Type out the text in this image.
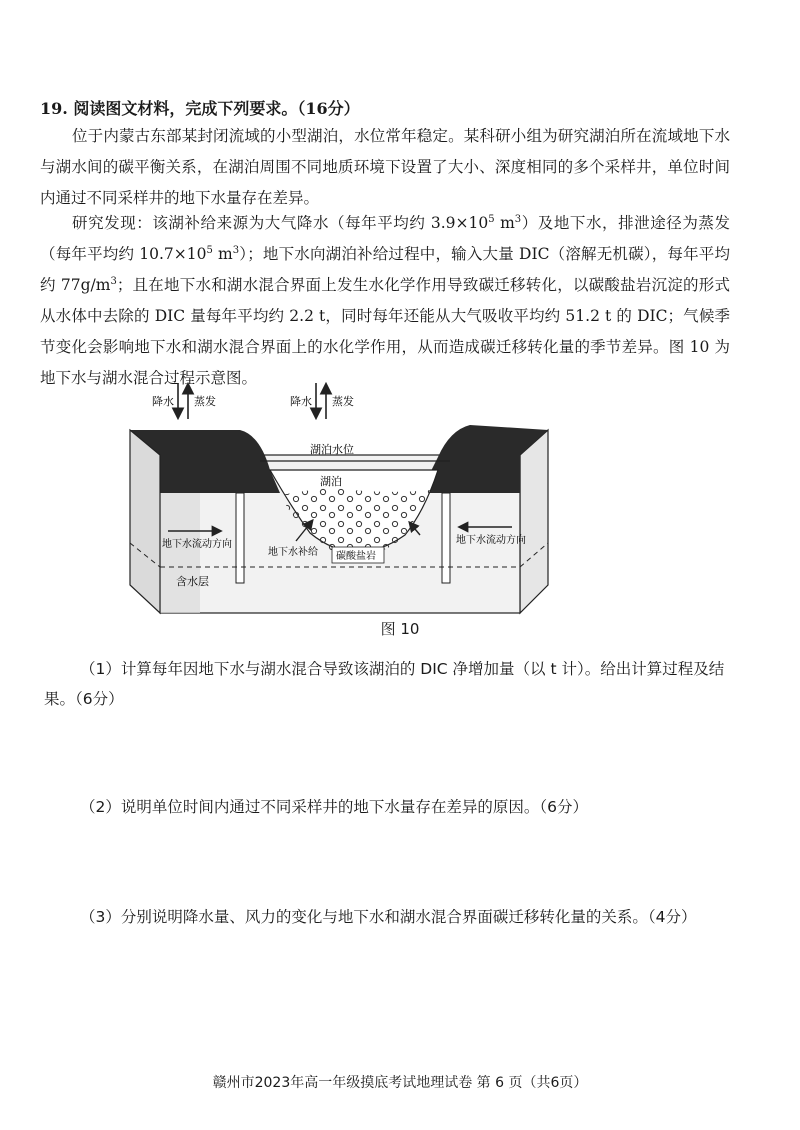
19. 阅读图文材料，完成下列要求。（16分）

位于内蒙古东部某封闭流域的小型湖泊，水位常年稳定。某科研小组为研究湖泊所在流域地下水与湖水间的碳平衡关系，在湖泊周围不同地质环境下设置了大小、深度相同的多个采样井，单位时间内通过不同采样井的地下水量存在差异。

研究发现：该湖补给来源为大气降水（每年平均约 $3.9\times 10^5$ $m^3$）及地下水，排泄途径为蒸发（每年平均约 $10.7\times 10^5$ $m^3$）；地下水向湖泊补给过程中，输入大量 DIC（溶解无机碳），每年平均约 $77g/m^3$；且在地下水和湖水混合界面上发生水化学作用导致碳迁移转化，以碳酸盐岩沉淀的形式从水体中去除的 DIC 量每年平均约 2.2 t，同时每年还能从大气吸收平均约 51.2 t 的 DIC；气候季节变化会影响地下水和湖水混合界面上的水化学作用，从而造成碳迁移转化量的季节差异。图 10 为地下水与湖水混合过程示意图。

降水 蒸发	降水 蒸发
湖泊水位
湖泊
地下水流动方向	地下水流动方向
地下水补给 碳酸盐岩
含水层
图 10

（1）计算每年因地下水与湖水混合导致该湖泊的 DIC 净增加量（以 t 计）。给出计算过程及结果。（6分）

（2）说明单位时间内通过不同采样井的地下水量存在差异的原因。（6分）

（3）分别说明降水量、风力的变化与地下水和湖水混合界面碳迁移转化量的关系。（4分）

赣州市2023年高一年级摸底考试地理试卷 第 6 页（共6页）
